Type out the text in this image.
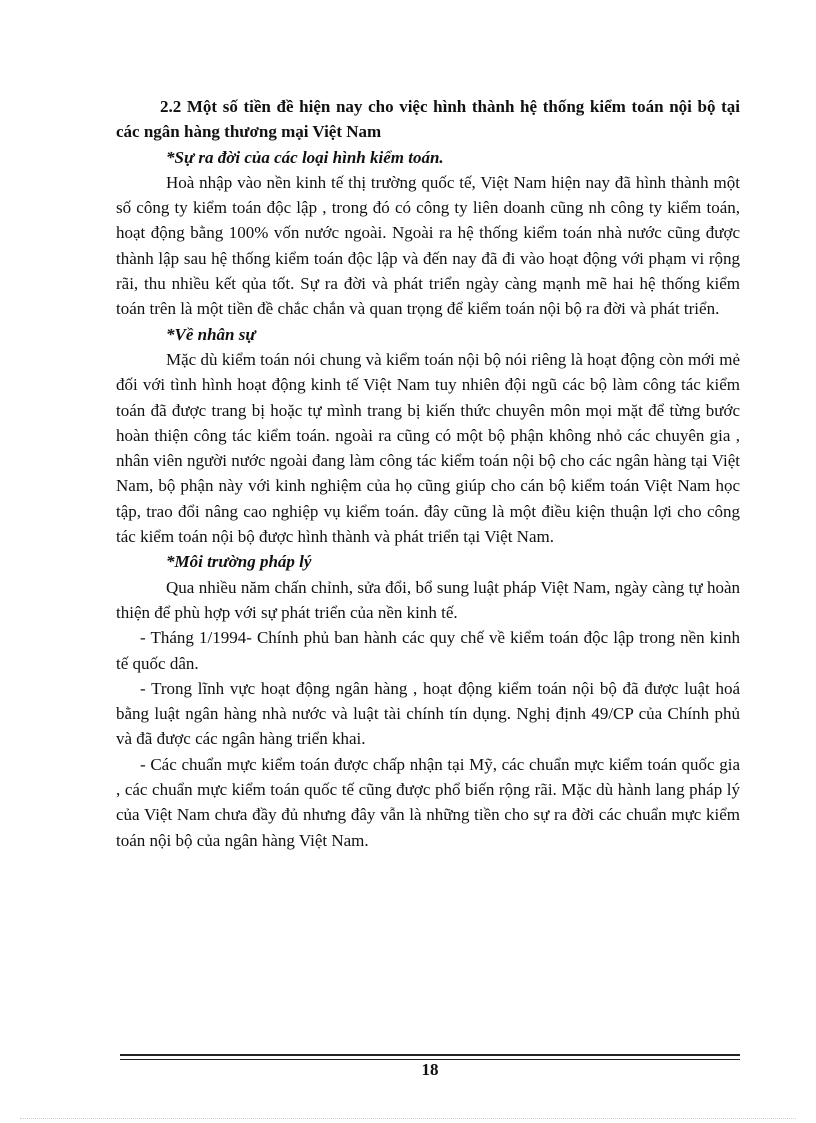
2.2 Một số tiền đề hiện nay cho việc hình thành hệ thống kiểm toán nội bộ tại các ngân hàng thương mại Việt Nam

*Sự ra đời của các loại hình kiểm toán.

Hoà nhập vào nền kinh tế thị trường quốc tế, Việt Nam hiện nay đã hình thành một số công ty kiểm toán độc lập , trong đó có công ty liên doanh cũng nh công ty kiểm toán, hoạt động bằng 100% vốn nước ngoài. Ngoài ra hệ thống kiểm toán nhà nước cũng được thành lập sau hệ thống kiểm toán độc lập và đến nay đã đi vào hoạt động với phạm vi rộng rãi, thu nhiều kết qủa tốt. Sự ra đời và phát triển ngày càng mạnh mẽ hai hệ thống kiểm toán trên là một tiền đề chắc chắn và quan trọng để kiểm toán nội bộ ra đời và phát triển.

*Về nhân sự

Mặc dù kiểm toán nói chung và kiểm toán nội bộ nói riêng là hoạt động còn mới mẻ đối với tình hình hoạt động kinh tế Việt Nam tuy nhiên đội ngũ các bộ làm công tác kiểm toán đã được trang bị hoặc tự mình trang bị kiến thức chuyên môn mọi mặt để từng bước hoàn thiện công tác kiểm toán. ngoài ra cũng có một bộ phận không nhỏ các chuyên gia , nhân viên người nước ngoài đang làm công tác kiểm toán nội bộ cho các ngân hàng tại Việt Nam, bộ phận này với kinh nghiệm của họ cũng giúp cho cán bộ kiểm toán Việt Nam học tập, trao đổi nâng cao nghiệp vụ kiểm toán. đây cũng là một điều kiện thuận lợi cho công tác kiểm toán nội bộ được hình thành và phát triển tại Việt Nam.

*Môi trường pháp lý

Qua nhiều năm chấn chỉnh, sửa đổi, bổ sung luật pháp Việt Nam, ngày càng tự hoàn thiện để phù hợp với sự phát triển của nền kinh tế.

- Tháng 1/1994- Chính phủ ban hành các quy chế về kiểm toán độc lập trong nền kinh tế quốc dân.

- Trong lĩnh vực hoạt động ngân hàng , hoạt động kiểm toán nội bộ đã được luật hoá bằng luật ngân hàng nhà nước và luật tài chính tín dụng. Nghị định 49/CP của Chính phủ và đã được các ngân hàng triển khai.

- Các chuẩn mực kiểm toán được chấp nhận tại Mỹ, các chuẩn mực kiểm toán quốc gia , các chuẩn mực kiểm toán quốc tế cũng được phổ biến rộng rãi. Mặc dù hành lang pháp lý của Việt Nam chưa đầy đủ nhưng đây vẫn là những tiền cho sự ra đời các chuẩn mực kiểm toán nội bộ của ngân hàng Việt Nam.

18
